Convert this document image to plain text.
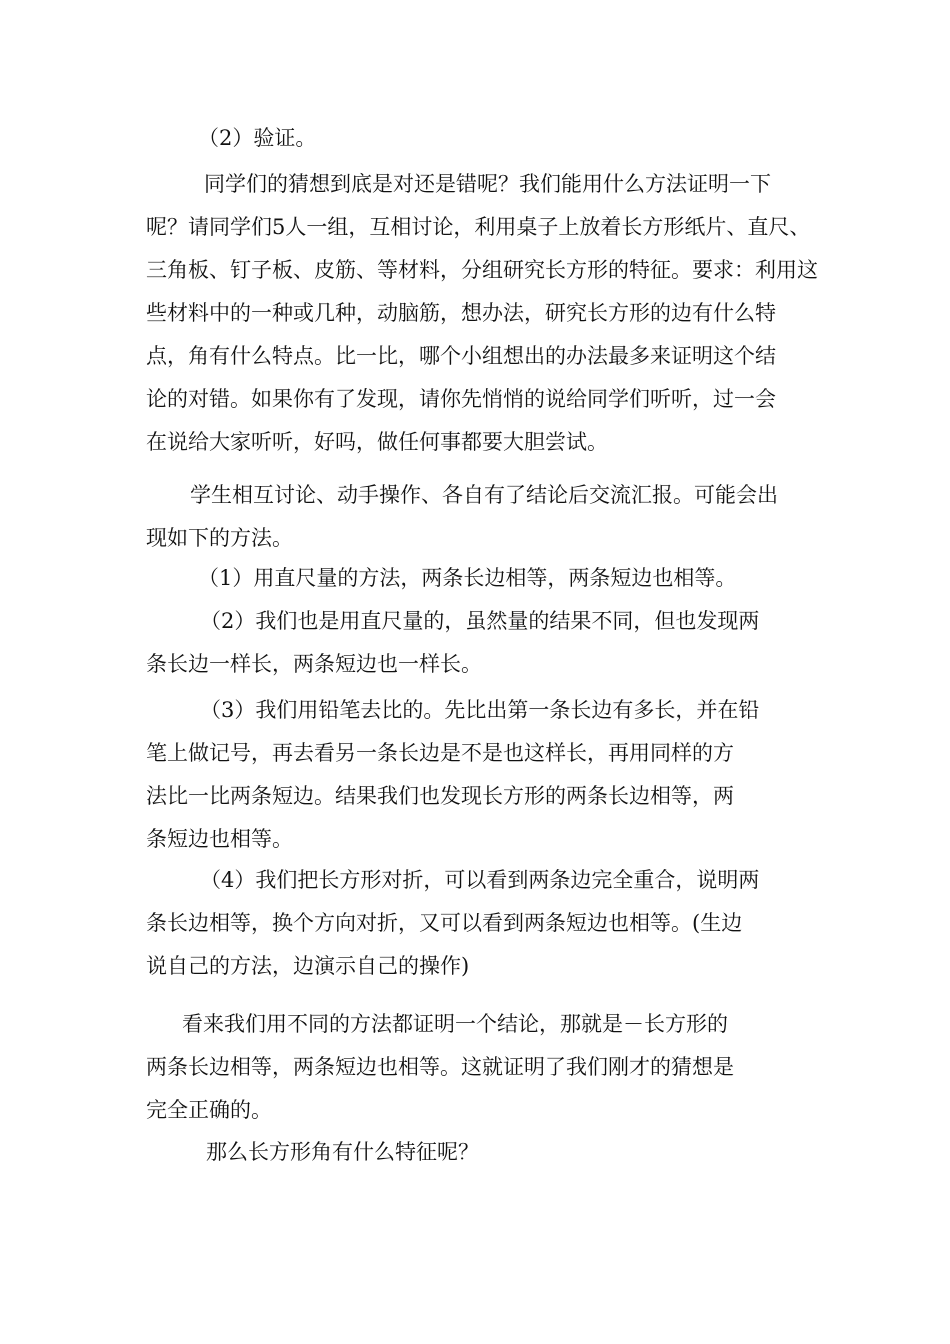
（2）验证。
同学们的猜想到底是对还是错呢？我们能用什么方法证明一下
呢？请同学们5人一组，互相讨论，利用桌子上放着长方形纸片、直尺、
三角板、钉子板、皮筋、等材料，分组研究长方形的特征。要求：利用这
些材料中的一种或几种，动脑筋，想办法，研究长方形的边有什么特
点，角有什么特点。比一比，哪个小组想出的办法最多来证明这个结
论的对错。如果你有了发现，请你先悄悄的说给同学们听听，过一会
在说给大家听听，好吗，做任何事都要大胆尝试。
学生相互讨论、动手操作、各自有了结论后交流汇报。可能会出
现如下的方法。
（1）用直尺量的方法，两条长边相等，两条短边也相等。
（2）我们也是用直尺量的，虽然量的结果不同，但也发现两
条长边一样长，两条短边也一样长。
（3）我们用铅笔去比的。先比出第一条长边有多长，并在铅
笔上做记号，再去看另一条长边是不是也这样长，再用同样的方
法比一比两条短边。结果我们也发现长方形的两条长边相等，两
条短边也相等。
（4）我们把长方形对折，可以看到两条边完全重合，说明两
条长边相等，换个方向对折，又可以看到两条短边也相等。(生边
说自己的方法，边演示自己的操作)
看来我们用不同的方法都证明一个结论，那就是－长方形的
两条长边相等，两条短边也相等。这就证明了我们刚才的猜想是
完全正确的。
那么长方形角有什么特征呢？
